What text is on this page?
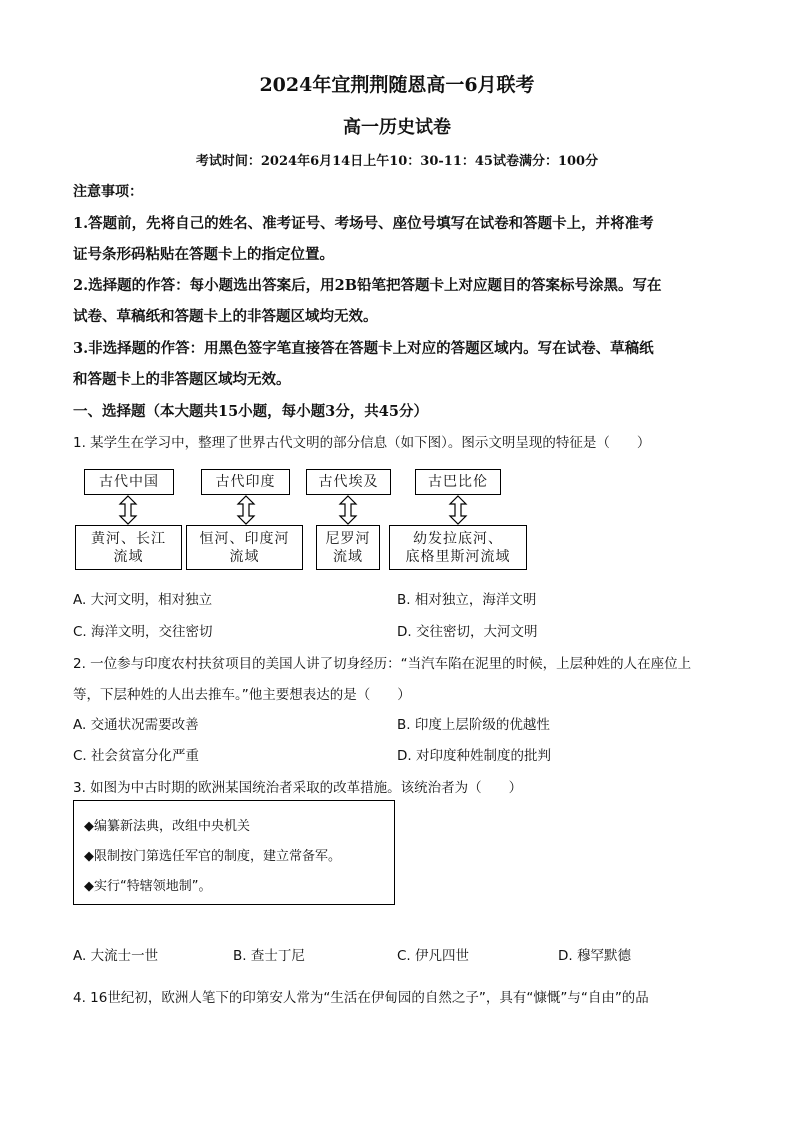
2024年宜荆荆随恩高一6月联考
高一历史试卷
考试时间：2024年6月14日上午10：30-11：45试卷满分：100分
注意事项：
1.答题前，先将自己的姓名、准考证号、考场号、座位号填写在试卷和答题卡上，并将准考
证号条形码粘贴在答题卡上的指定位置。
2.选择题的作答：每小题选出答案后，用2B铅笔把答题卡上对应题目的答案标号涂黑。写在
试卷、草稿纸和答题卡上的非答题区域均无效。
3.非选择题的作答：用黑色签字笔直接答在答题卡上对应的答题区域内。写在试卷、草稿纸
和答题卡上的非答题区域均无效。
一、选择题（本大题共15小题，每小题3分，共45分）
1. 某学生在学习中，整理了世界古代文明的部分信息（如下图）。图示文明呈现的特征是（　　）
古代中国	古代印度	古代埃及	古巴比伦
黄河、长江
流域
恒河、印度河
流域
尼罗河
流域
幼发拉底河、
底格里斯河流域
A. 大河文明，相对独立	B. 相对独立，海洋文明
C. 海洋文明，交往密切	D. 交往密切，大河文明
2. 一位参与印度农村扶贫项目的美国人讲了切身经历：“当汽车陷在泥里的时候，上层种姓的人在座位上
等，下层种姓的人出去推车。”他主要想表达的是（　　）
A. 交通状况需要改善	B. 印度上层阶级的优越性
C. 社会贫富分化严重	D. 对印度种姓制度的批判
3. 如图为中古时期的欧洲某国统治者采取的改革措施。该统治者为（　　）
◆编纂新法典，改组中央机关
◆限制按门第选任军官的制度，建立常备军。
◆实行“特辖领地制”。
A. 大流士一世	B. 查士丁尼	C. 伊凡四世	D. 穆罕默德
4. 16世纪初，欧洲人笔下的印第安人常为“生活在伊甸园的自然之子”，具有“慷慨”与“自由”的品
